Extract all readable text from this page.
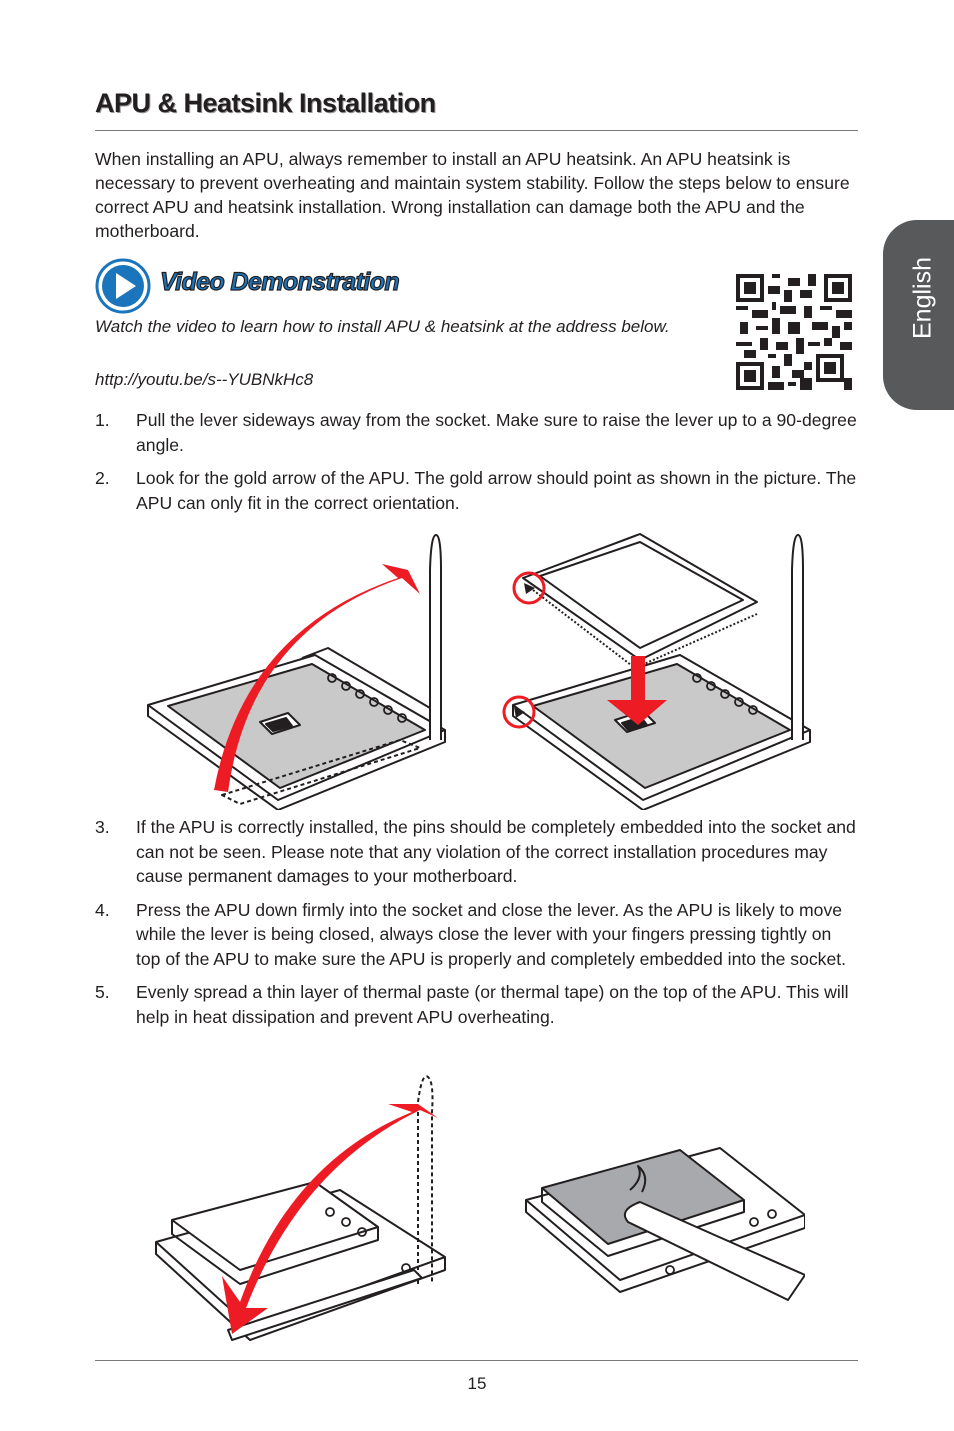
APU & Heatsink Installation

When installing an APU, always remember to install an APU heatsink. An APU heatsink is necessary to prevent overheating and maintain system stability. Follow the steps below to ensure correct APU and heatsink installation. Wrong installation can damage both the APU and the motherboard.

English
Video Demonstration

Watch the video to learn how to install APU & heatsink at the address below.

http://youtu.be/s--YUBNkHc8

1. Pull the lever sideways away from the socket. Make sure to raise the lever up to a 90-degree angle.
2. Look for the gold arrow of the APU. The gold arrow should point as shown in the picture. The APU can only fit in the correct orientation.
3. If the APU is correctly installed, the pins should be completely embedded into the socket and can not be seen. Please note that any violation of the correct installation procedures may cause permanent damages to your motherboard.
4. Press the APU down firmly into the socket and close the lever. As the APU is likely to move while the lever is being closed, always close the lever with your fingers pressing tightly on top of the APU to make sure the APU is properly and completely embedded into the socket.
5. Evenly spread a thin layer of thermal paste (or thermal tape) on the top of the APU. This will help in heat dissipation and prevent APU overheating.
15
